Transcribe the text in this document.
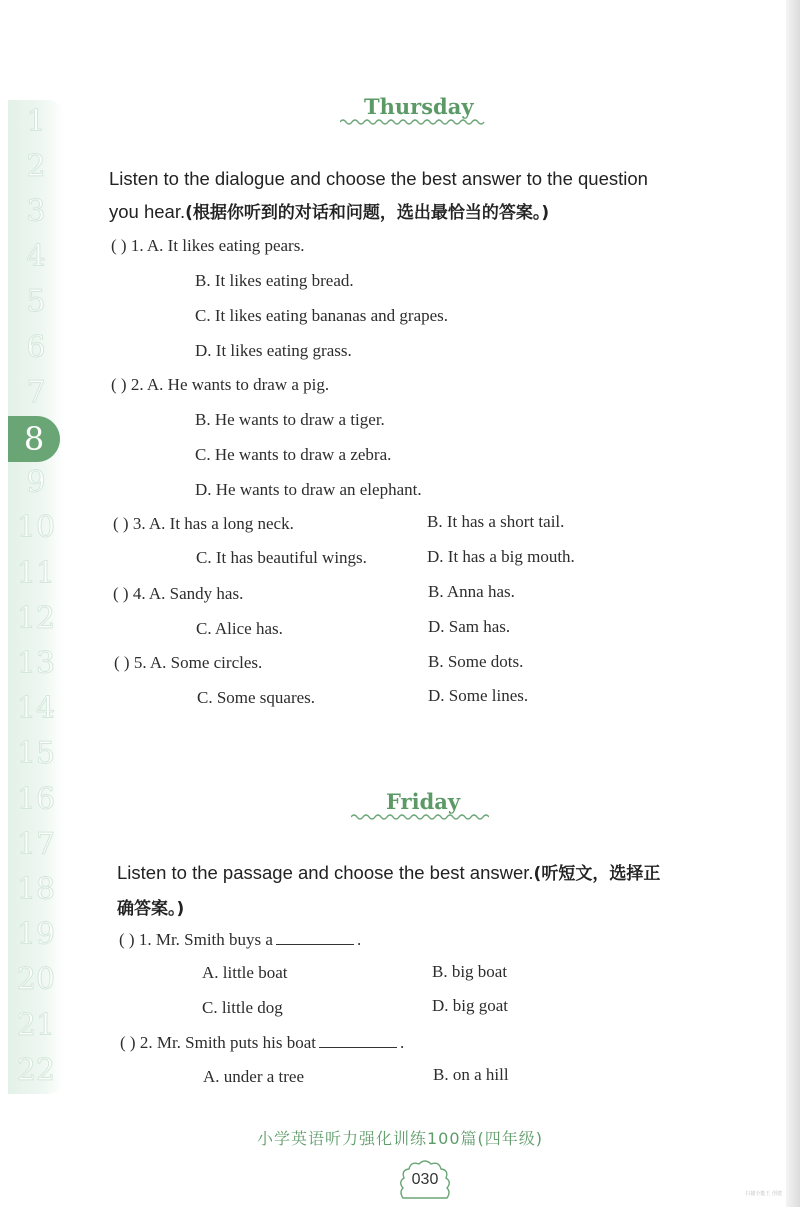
1
2
3
4
5
6
7
9
10
11
12
13
14
15
16
17
18
19
20
21
22
8
Thursday
Listen to the dialogue and choose the best answer to the question
you hear.(根据你听到的对话和问题，选出最恰当的答案。)
( ) 1. A. It likes eating pears.
B. It likes eating bread.
C. It likes eating bananas and grapes.
D. It likes eating grass.
( ) 2. A. He wants to draw a pig.
B. He wants to draw a tiger.
C. He wants to draw a zebra.
D. He wants to draw an elephant.
( ) 3. A. It has a long neck.	B. It has a short tail.
C. It has beautiful wings.	D. It has a big mouth.
( ) 4. A. Sandy has.	B. Anna has.
C. Alice has.	D. Sam has.
( ) 5. A. Some circles.	B. Some dots.
C. Some squares.	D. Some lines.
Friday
Listen to the passage and choose the best answer.(听短文，选择正
确答案。)
( ) 1. Mr. Smith buys a	.
A. little boat	B. big boat
C. little dog	D. big goat
( ) 2. Mr. Smith puts his boat	.
A. under a tree	B. on a hill
小学英语听力强化训练100篇(四年级)
030
扫描全能王 创建
